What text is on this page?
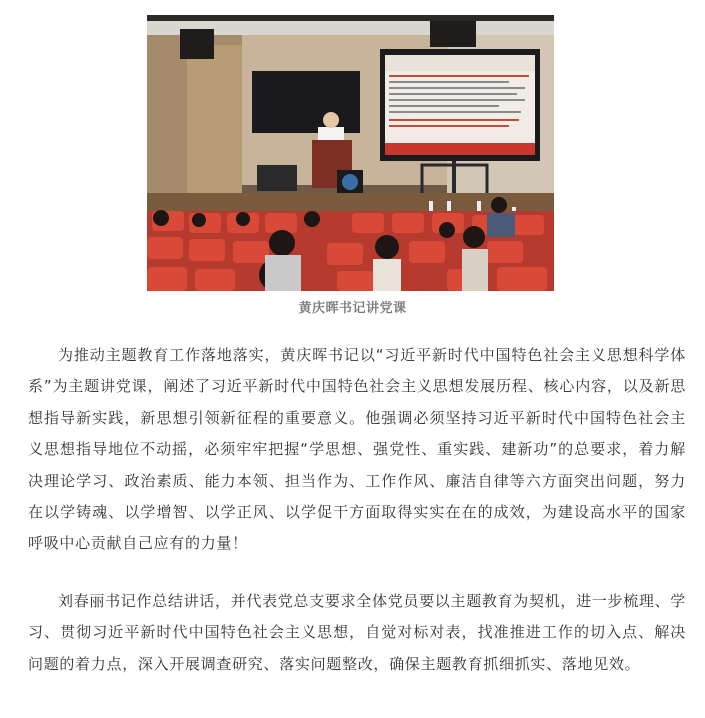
黄庆晖书记讲党课

为推动主题教育工作落地落实，黄庆晖书记以“习近平新时代中国特色社会主义思想科学体系”为主题讲党课，阐述了习近平新时代中国特色社会主义思想发展历程、核心内容，以及新思想指导新实践，新思想引领新征程的重要意义。他强调必须坚持习近平新时代中国特色社会主义思想指导地位不动摇，必须牢牢把握“学思想、强党性、重实践、建新功”的总要求，着力解决理论学习、政治素质、能力本领、担当作为、工作作风、廉洁自律等六方面突出问题，努力在以学铸魂、以学增智、以学正风、以学促干方面取得实实在在的成效，为建设高水平的国家呼吸中心贡献自己应有的力量！

刘春丽书记作总结讲话，并代表党总支要求全体党员要以主题教育为契机，进一步梳理、学习、贯彻习近平新时代中国特色社会主义思想，自觉对标对表，找准推进工作的切入点、解决问题的着力点，深入开展调查研究、落实问题整改，确保主题教育抓细抓实、落地见效。
